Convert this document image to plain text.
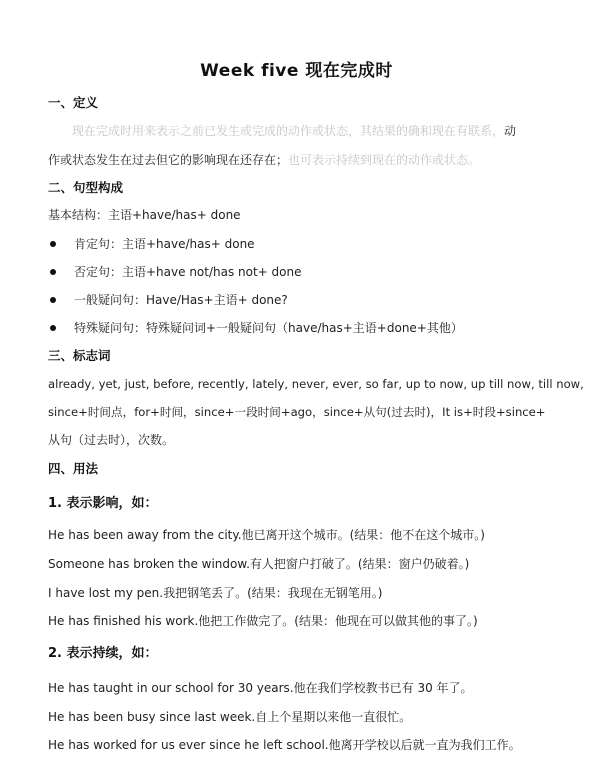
Week five 现在完成时
一、定义
现在完成时用来表示之前已发生或完成的动作或状态，其结果的确和现在有联系，动
作或状态发生在过去但它的影响现在还存在；也可表示持续到现在的动作或状态。
二、句型构成
基本结构：主语+have/has+ done
肯定句：主语+have/has+ done
否定句：主语+have not/has not+ done
一般疑问句：Have/Has+主语+ done?
特殊疑问句：特殊疑问词+一般疑问句（have/has+主语+done+其他）
三、标志词
already, yet, just, before, recently, lately, never, ever, so far, up to now, up till now, till now,
since+时间点，for+时间，since+一段时间+ago，since+从句(过去时)，It is+时段+since+
从句（过去时），次数。
四、用法
1. 表示影响，如：
He has been away from the city.他已离开这个城市。(结果：他不在这个城市。)
Someone has broken the window.有人把窗户打破了。(结果：窗户仍破着。)
I have lost my pen.我把钢笔丢了。(结果：我现在无钢笔用。)
He has finished his work.他把工作做完了。(结果：他现在可以做其他的事了。)
2. 表示持续，如：
He has taught in our school for 30 years.他在我们学校教书已有 30 年了。
He has been busy since last week.自上个星期以来他一直很忙。
He has worked for us ever since he left school.他离开学校以后就一直为我们工作。
